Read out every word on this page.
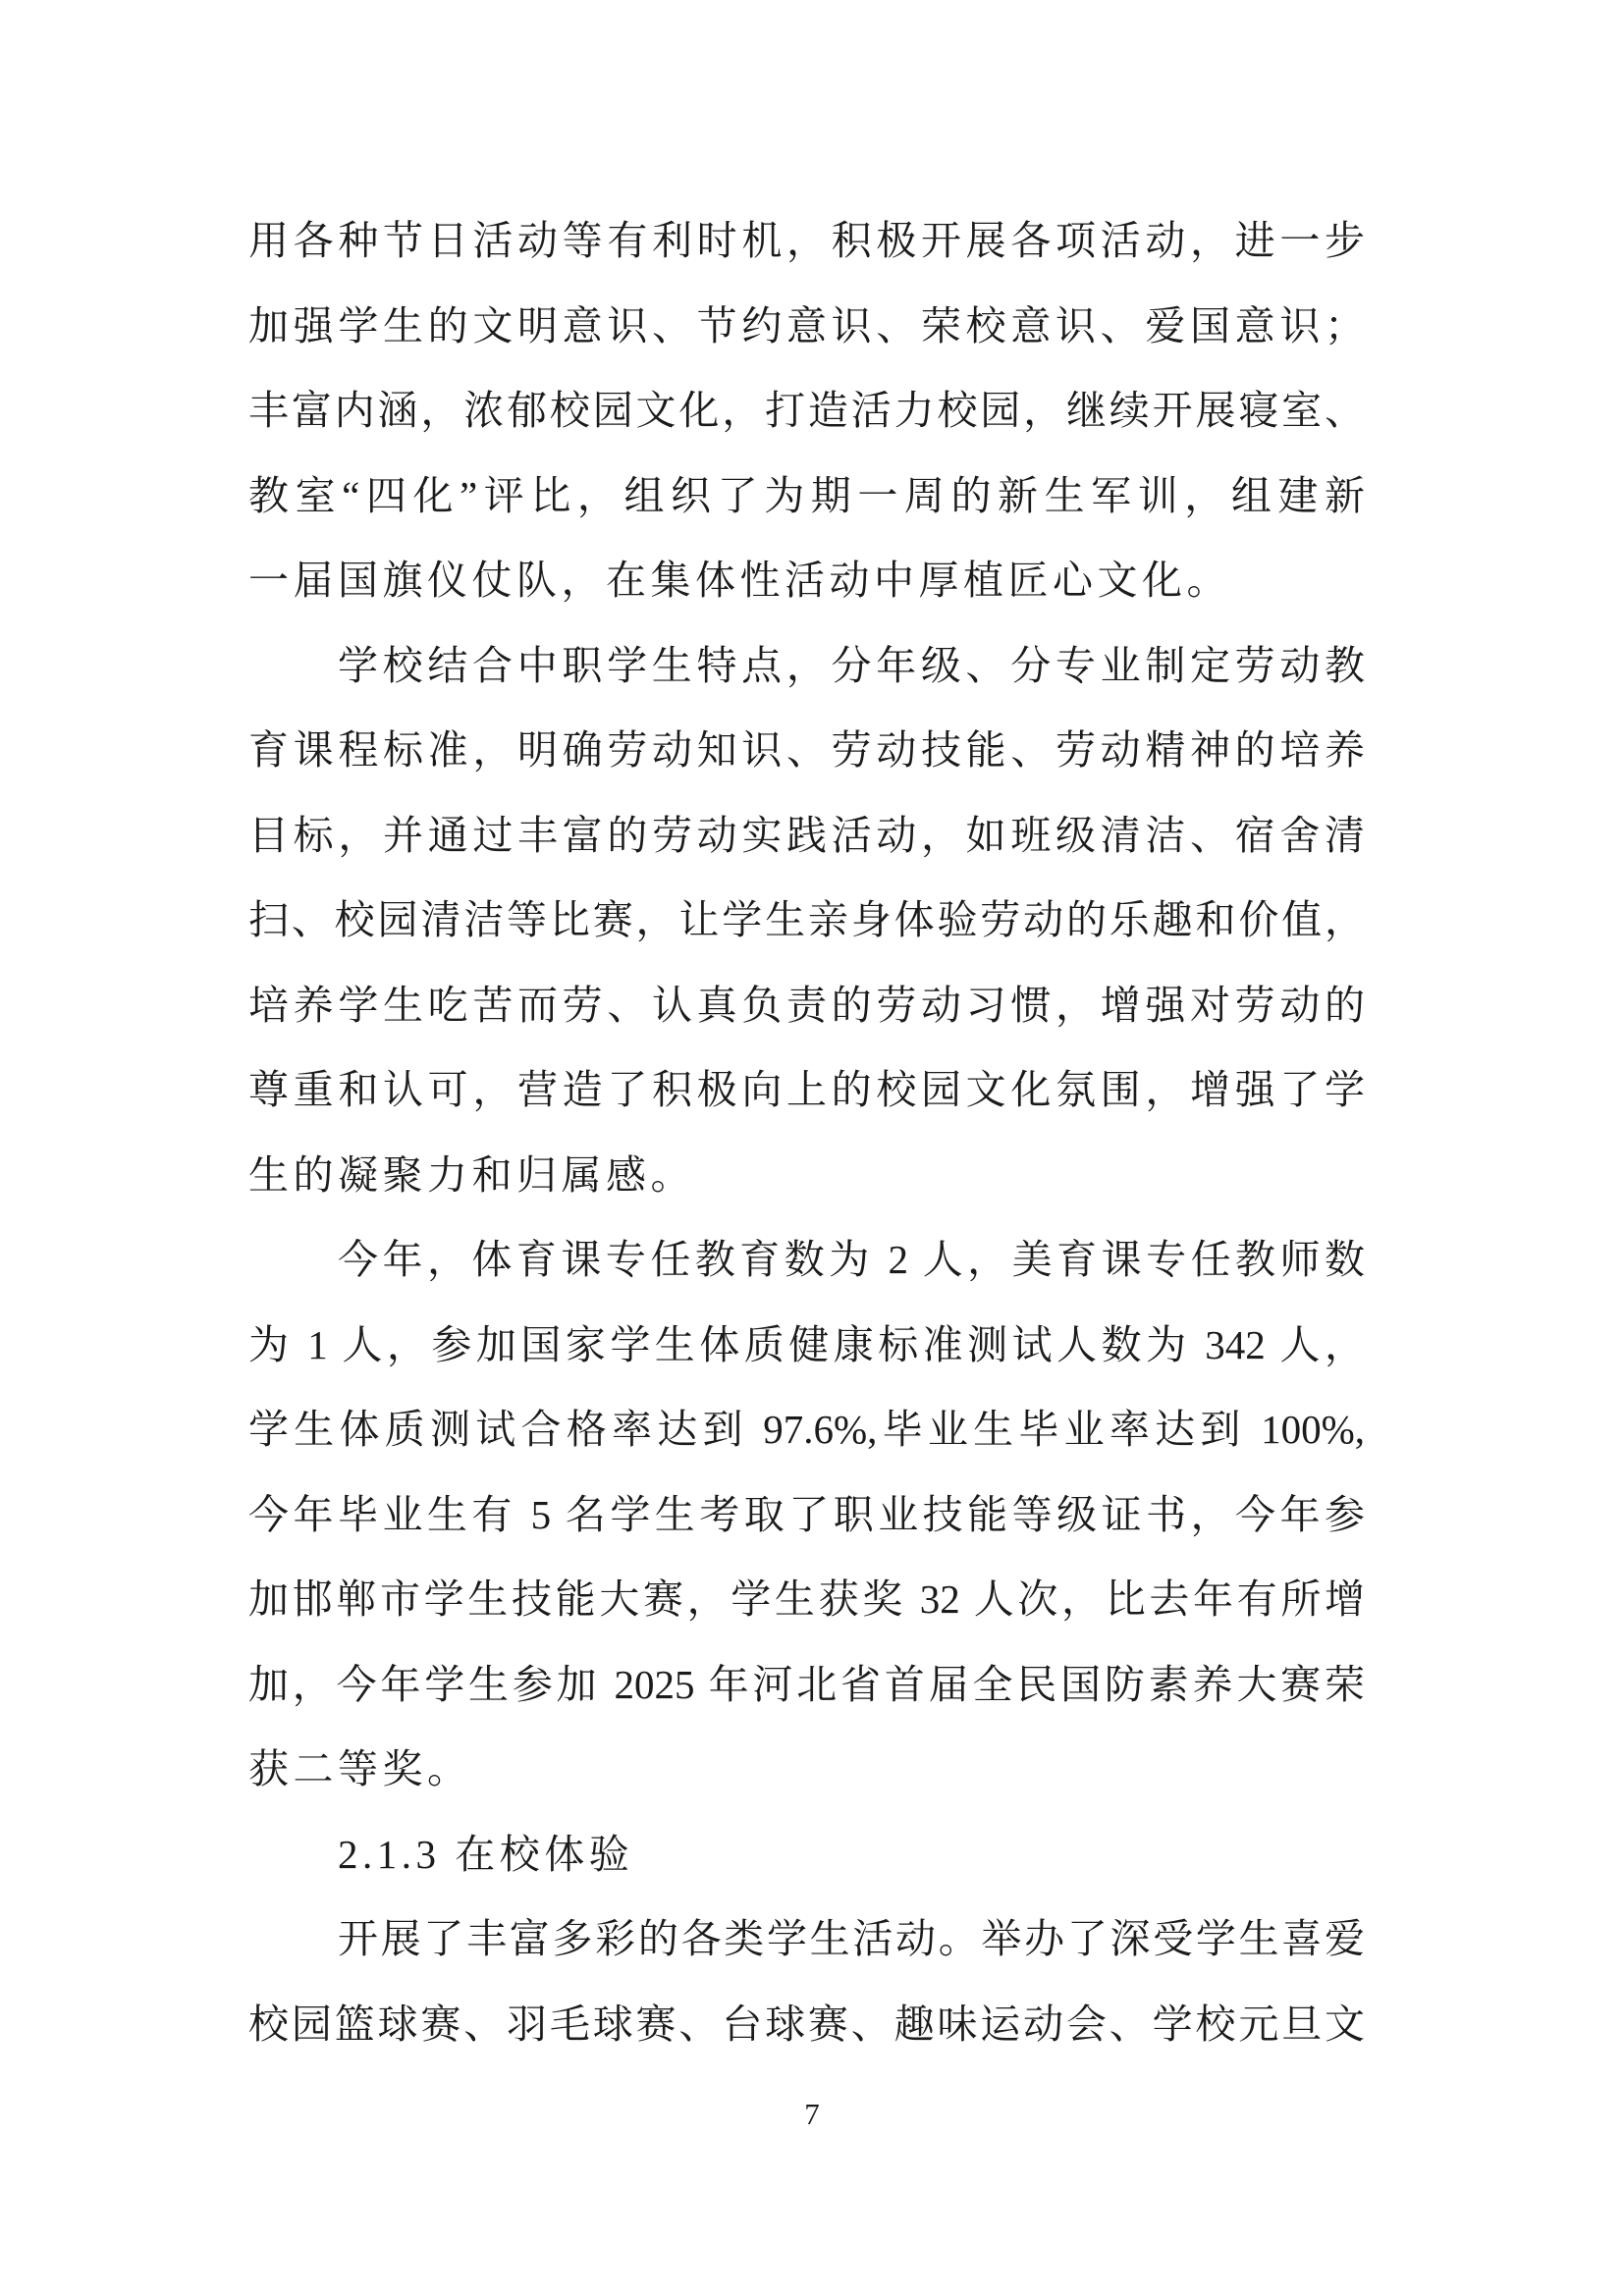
用各种节日活动等有利时机，积极开展各项活动，进一步
加强学生的文明意识、节约意识、荣校意识、爱国意识；
丰富内涵，浓郁校园文化，打造活力校园，继续开展寝室、
教室“四化”评比，组织了为期一周的新生军训，组建新
一届国旗仪仗队，在集体性活动中厚植匠心文化。
学校结合中职学生特点，分年级、分专业制定劳动教
育课程标准，明确劳动知识、劳动技能、劳动精神的培养
目标，并通过丰富的劳动实践活动，如班级清洁、宿舍清
扫、校园清洁等比赛，让学生亲身体验劳动的乐趣和价值，
培养学生吃苦而劳、认真负责的劳动习惯，增强对劳动的
尊重和认可，营造了积极向上的校园文化氛围，增强了学
生的凝聚力和归属感。
今年，体育课专任教育数为 2 人，美育课专任教师数
为 1 人，参加国家学生体质健康标准测试人数为 342 人，
学生体质测试合格率达到 97.6%,毕业生毕业率达到 100%,
今年毕业生有 5 名学生考取了职业技能等级证书，今年参
加邯郸市学生技能大赛，学生获奖 32 人次，比去年有所增
加，今年学生参加 2025 年河北省首届全民国防素养大赛荣
获二等奖。
2.1.3 在校体验
开展了丰富多彩的各类学生活动。举办了深受学生喜爱
校园篮球赛、羽毛球赛、台球赛、趣味运动会、学校元旦文
7
